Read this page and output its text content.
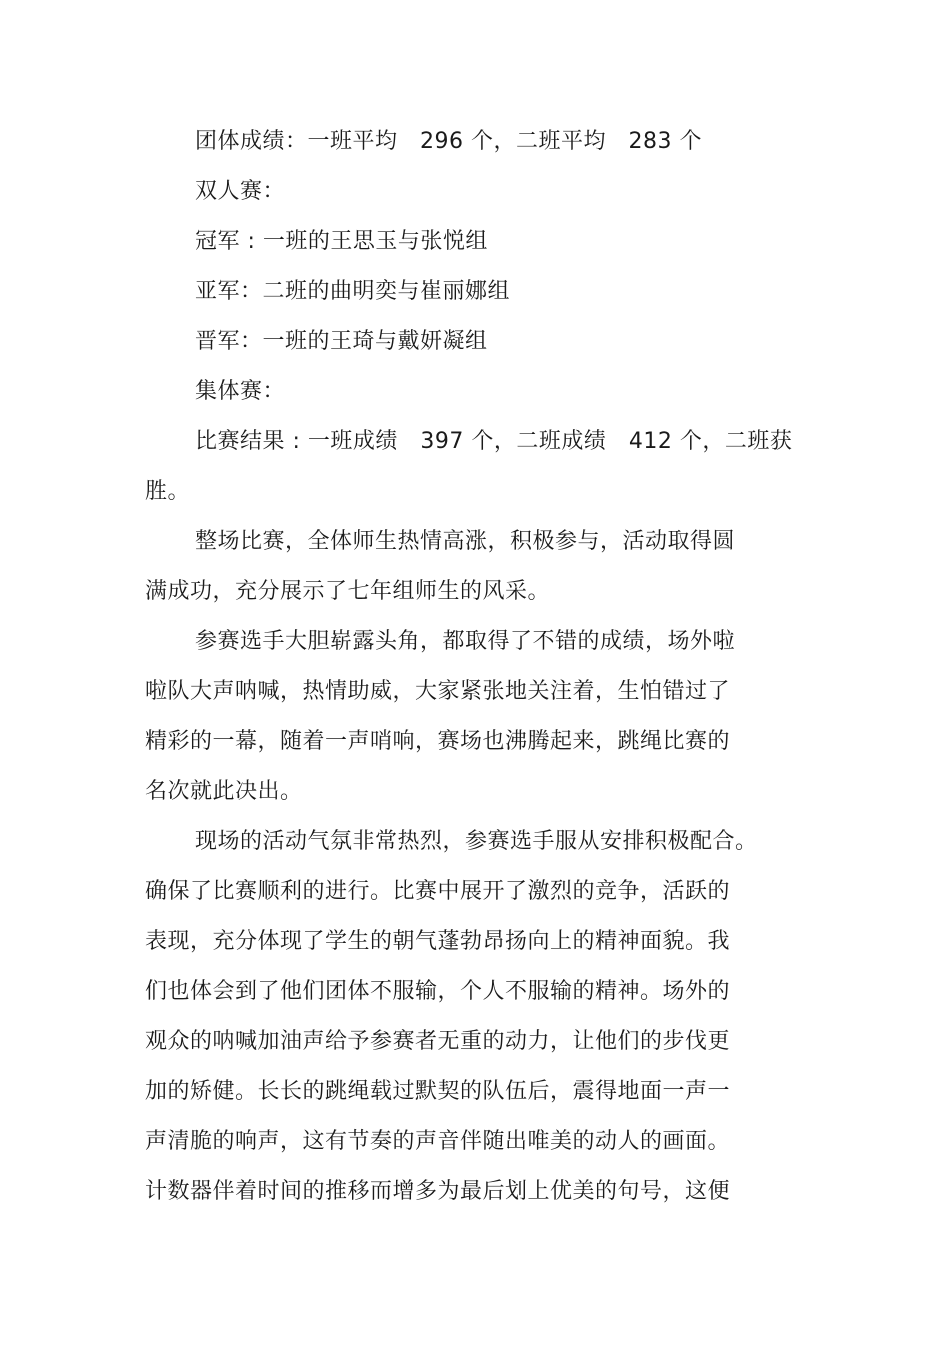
团体成绩：一班平均　296 个，二班平均　283 个
双人赛：
冠军 : 一班的王思玉与张悦组
亚军：二班的曲明奕与崔丽娜组
晋军：一班的王琦与戴妍凝组
集体赛：
比赛结果 : 一班成绩　397 个，二班成绩　412 个，二班获
胜。
整场比赛，全体师生热情高涨，积极参与，活动取得圆
满成功，充分展示了七年组师生的风采。
参赛选手大胆崭露头角，都取得了不错的成绩，场外啦
啦队大声呐喊，热情助威，大家紧张地关注着，生怕错过了
精彩的一幕，随着一声哨响，赛场也沸腾起来，跳绳比赛的
名次就此决出。
现场的活动气氛非常热烈，参赛选手服从安排积极配合。
确保了比赛顺利的进行。比赛中展开了激烈的竞争，活跃的
表现，充分体现了学生的朝气蓬勃昂扬向上的精神面貌。我
们也体会到了他们团体不服输，个人不服输的精神。场外的
观众的呐喊加油声给予参赛者无重的动力，让他们的步伐更
加的矫健。长长的跳绳载过默契的队伍后，震得地面一声一
声清脆的响声，这有节奏的声音伴随出唯美的动人的画面。
计数器伴着时间的推移而增多为最后划上优美的句号，这便
